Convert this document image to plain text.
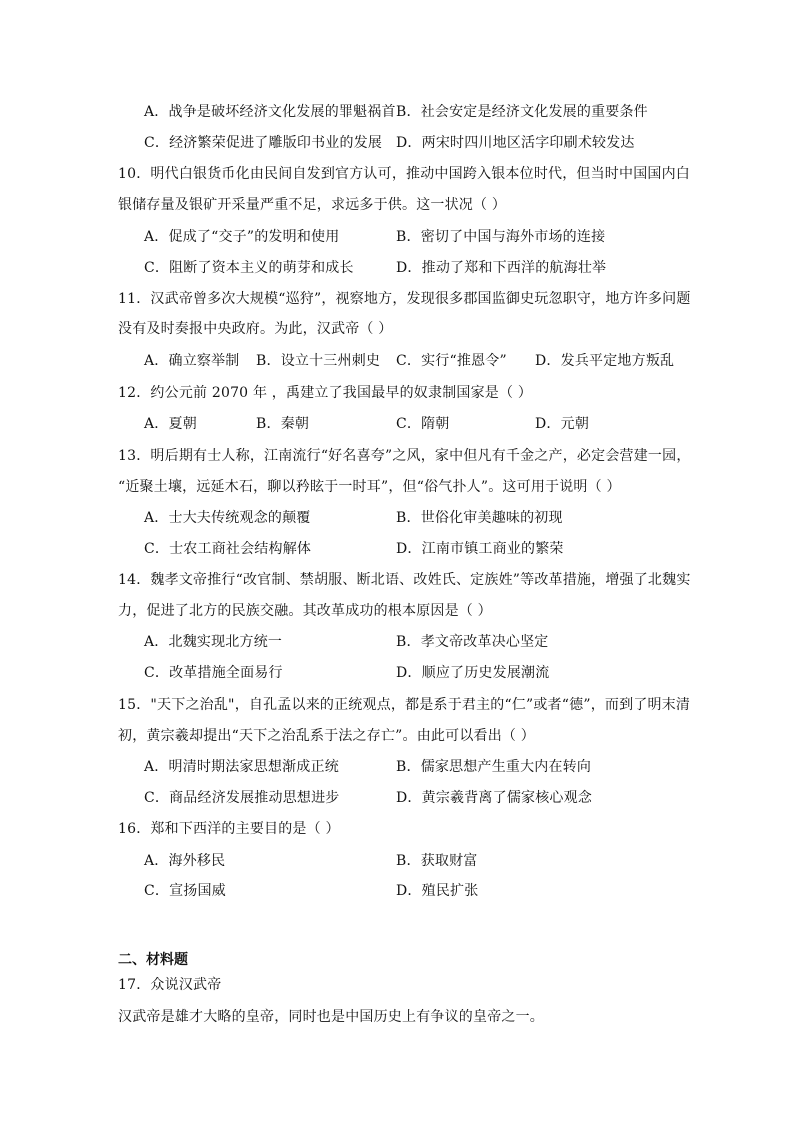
A．战争是破坏经济文化发展的罪魁祸首 B．社会安定是经济文化发展的重要条件
C．经济繁荣促进了雕版印书业的发展 D．两宋时四川地区活字印刷术较发达
10．明代白银货币化由民间自发到官方认可，推动中国跨入银本位时代，但当时中国国内白
银储存量及银矿开采量严重不足，求远多于供。这一状况（ ）
A．促成了“交子”的发明和使用	B．密切了中国与海外市场的连接
C．阻断了资本主义的萌芽和成长	D．推动了郑和下西洋的航海壮举
11．汉武帝曾多次大规模“巡狩”，视察地方，发现很多郡国监御史玩忽职守，地方许多问题
没有及时奏报中央政府。为此，汉武帝（ ）
A．确立察举制 B．设立十三州刺史 C．实行“推恩令” D．发兵平定地方叛乱
12．约公元前 2070 年 ，禹建立了我国最早的奴隶制国家是（ ）
A．夏朝	B．秦朝	C．隋朝	D．元朝
13．明后期有士人称，江南流行“好名喜夸”之风，家中但凡有千金之产，必定会营建一园，
“近聚土壤，远延木石，聊以矜眩于一时耳”，但“俗气扑人”。这可用于说明（ ）
A．士大夫传统观念的颠覆	B．世俗化审美趣味的初现
C．士农工商社会结构解体	D．江南市镇工商业的繁荣
14．魏孝文帝推行“改官制、禁胡服、断北语、改姓氏、定族姓”等改革措施，增强了北魏实
力，促进了北方的民族交融。其改革成功的根本原因是（ ）
A．北魏实现北方统一	B．孝文帝改革决心坚定
C．改革措施全面易行	D．顺应了历史发展潮流
15．"天下之治乱"，自孔孟以来的正统观点，都是系于君主的“仁”或者“德”，而到了明末清
初，黄宗羲却提出“天下之治乱系于法之存亡”。由此可以看出（ ）
A．明清时期法家思想渐成正统	B．儒家思想产生重大内在转向
C．商品经济发展推动思想进步	D．黄宗羲背离了儒家核心观念
16．郑和下西洋的主要目的是（ ）
A．海外移民	B．获取财富
C．宣扬国威	D．殖民扩张
二、材料题
17．众说汉武帝
汉武帝是雄才大略的皇帝，同时也是中国历史上有争议的皇帝之一。
